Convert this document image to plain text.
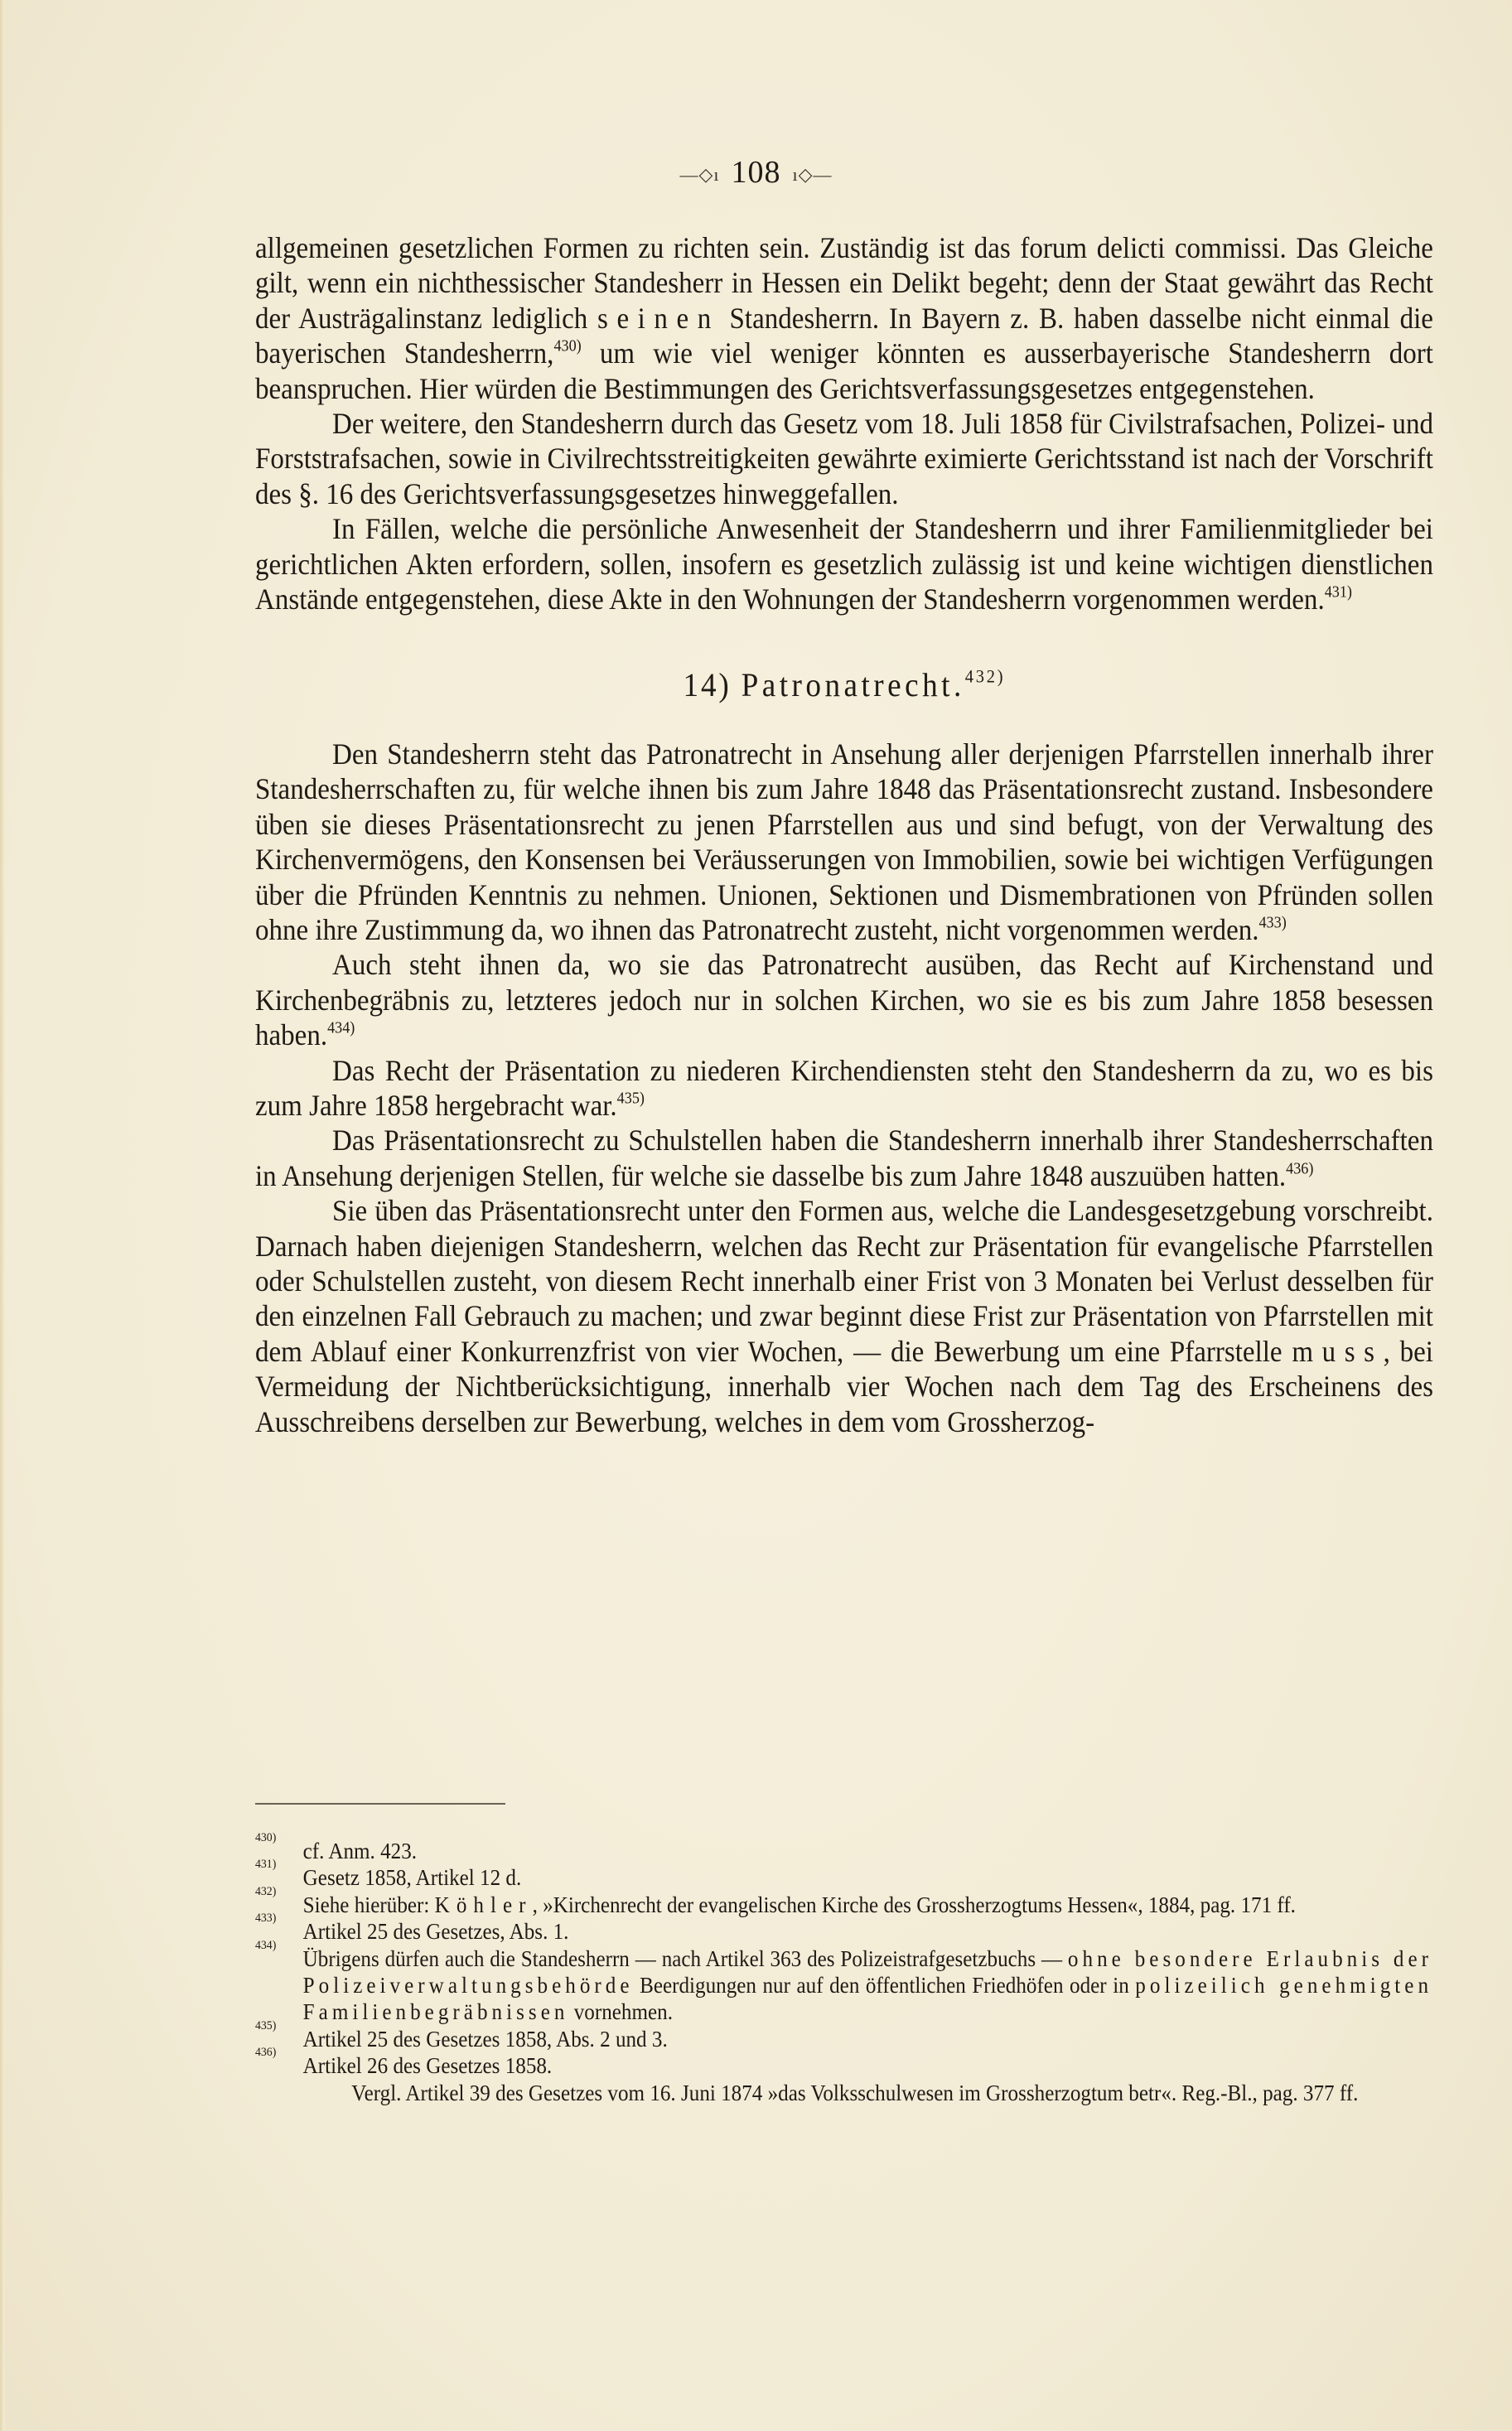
—◇ı 108 ı◇—

allgemeinen gesetzlichen Formen zu richten sein. Zuständig ist das forum delicti commissi. Das Gleiche gilt, wenn ein nichthessischer Standesherr in Hessen ein Delikt begeht; denn der Staat gewährt das Recht der Austrägalinstanz lediglich seinen Standesherrn. In Bayern z. B. haben dasselbe nicht einmal die bayerischen Standesherrn,$^{430)}$ um wie viel weniger könnten es ausserbayerische Standesherrn dort beanspruchen. Hier würden die Bestimmungen des Gerichtsverfassungsgesetzes entgegenstehen.

Der weitere, den Standesherrn durch das Gesetz vom 18. Juli 1858 für Civilstrafsachen, Polizei- und Forststrafsachen, sowie in Civilrechtsstreitigkeiten gewährte eximierte Gerichtsstand ist nach der Vorschrift des §. 16 des Gerichtsverfassungsgesetzes hinweggefallen.

In Fällen, welche die persönliche Anwesenheit der Standesherrn und ihrer Familienmitglieder bei gerichtlichen Akten erfordern, sollen, insofern es gesetzlich zulässig ist und keine wichtigen dienstlichen Anstände entgegenstehen, diese Akte in den Wohnungen der Standesherrn vorgenommen werden.$^{431)}$

14) Patronatrecht.$^{432)}$

Den Standesherrn steht das Patronatrecht in Ansehung aller derjenigen Pfarrstellen innerhalb ihrer Standesherrschaften zu, für welche ihnen bis zum Jahre 1848 das Präsentationsrecht zustand. Insbesondere üben sie dieses Präsentationsrecht zu jenen Pfarrstellen aus und sind befugt, von der Verwaltung des Kirchenvermögens, den Konsensen bei Veräusserungen von Immobilien, sowie bei wichtigen Verfügungen über die Pfründen Kenntnis zu nehmen. Unionen, Sektionen und Dismembrationen von Pfründen sollen ohne ihre Zustimmung da, wo ihnen das Patronatrecht zusteht, nicht vorgenommen werden.$^{433)}$

Auch steht ihnen da, wo sie das Patronatrecht ausüben, das Recht auf Kirchenstand und Kirchenbegräbnis zu, letzteres jedoch nur in solchen Kirchen, wo sie es bis zum Jahre 1858 besessen haben.$^{434)}$

Das Recht der Präsentation zu niederen Kirchendiensten steht den Standesherrn da zu, wo es bis zum Jahre 1858 hergebracht war.$^{435)}$

Das Präsentationsrecht zu Schulstellen haben die Standesherrn innerhalb ihrer Standesherrschaften in Ansehung derjenigen Stellen, für welche sie dasselbe bis zum Jahre 1848 auszuüben hatten.$^{436)}$

Sie üben das Präsentationsrecht unter den Formen aus, welche die Landesgesetzgebung vorschreibt. Darnach haben diejenigen Standesherrn, welchen das Recht zur Präsentation für evangelische Pfarrstellen oder Schulstellen zusteht, von diesem Recht innerhalb einer Frist von 3 Monaten bei Verlust desselben für den einzelnen Fall Gebrauch zu machen; und zwar beginnt diese Frist zur Präsentation von Pfarrstellen mit dem Ablauf einer Konkurrenzfrist von vier Wochen, — die Bewerbung um eine Pfarrstelle muss, bei Vermeidung der Nichtberücksichtigung, innerhalb vier Wochen nach dem Tag des Erscheinens des Ausschreibens derselben zur Bewerbung, welches in dem vom Grossherzog-

430)
cf. Anm. 423.
431)
Gesetz 1858, Artikel 12 d.
432)
Siehe hierüber: Köhler, »Kirchenrecht der evangelischen Kirche des Grossherzogtums Hessen«, 1884, pag. 171 ff.
433)
Artikel 25 des Gesetzes, Abs. 1.
434)
Übrigens dürfen auch die Standesherrn — nach Artikel 363 des Polizeistrafgesetzbuchs — ohne besondere Erlaubnis der Polizeiverwaltungsbehörde Beerdigungen nur auf den öffentlichen Friedhöfen oder in polizeilich genehmigten Familienbegräbnissen vornehmen.
435)
Artikel 25 des Gesetzes 1858, Abs. 2 und 3.
436)
Artikel 26 des Gesetzes 1858.
Vergl. Artikel 39 des Gesetzes vom 16. Juni 1874 »das Volksschulwesen im Grossherzogtum betr«. Reg.-Bl., pag. 377 ff.
